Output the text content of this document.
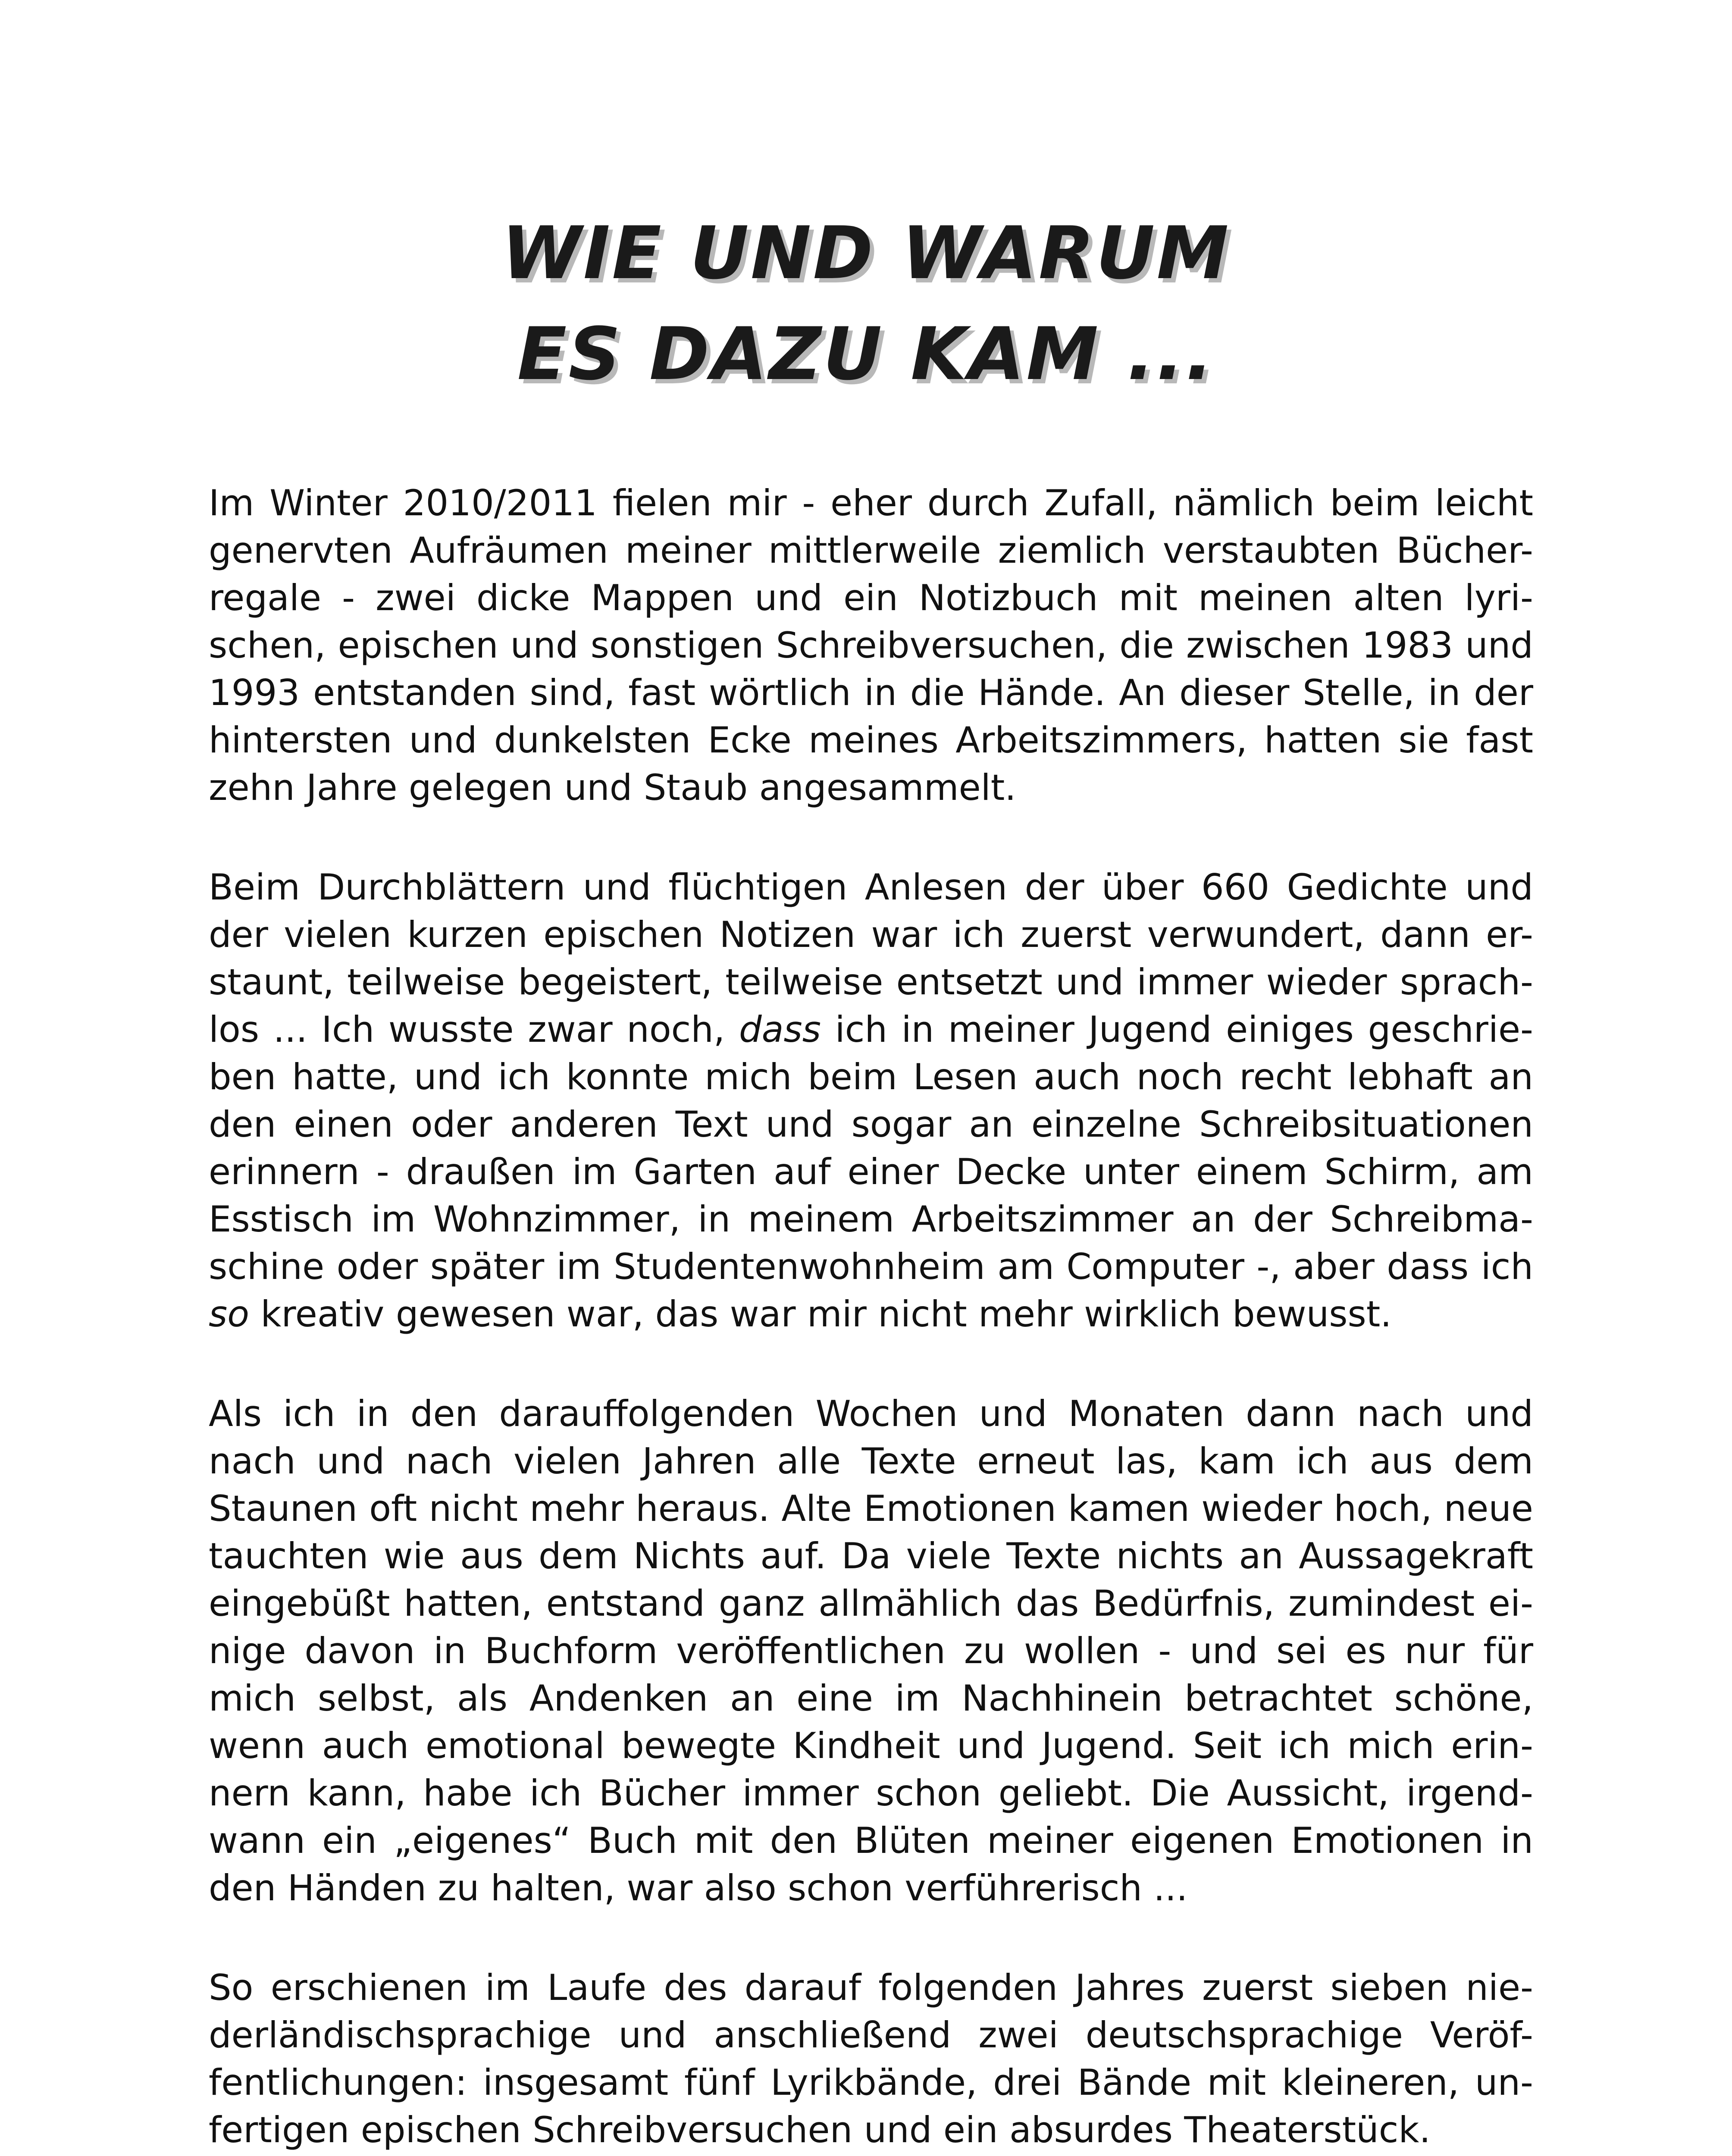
WIE UND WARUM
ES DAZU KAM ...
Im Winter 2010/2011 fielen mir - eher durch Zufall, nämlich beim leicht
genervten Aufräumen meiner mittlerweile ziemlich verstaubten Bücher-
regale - zwei dicke Mappen und ein Notizbuch mit meinen alten lyri-
schen, epischen und sonstigen Schreibversuchen, die zwischen 1983 und
1993 entstanden sind, fast wörtlich in die Hände. An dieser Stelle, in der
hintersten und dunkelsten Ecke meines Arbeitszimmers, hatten sie fast
zehn Jahre gelegen und Staub angesammelt.
Beim Durchblättern und flüchtigen Anlesen der über 660 Gedichte und
der vielen kurzen epischen Notizen war ich zuerst verwundert, dann er-
staunt, teilweise begeistert, teilweise entsetzt und immer wieder sprach-
los ... Ich wusste zwar noch, dass ich in meiner Jugend einiges geschrie-
ben hatte, und ich konnte mich beim Lesen auch noch recht lebhaft an
den einen oder anderen Text und sogar an einzelne Schreibsituationen
erinnern - draußen im Garten auf einer Decke unter einem Schirm, am
Esstisch im Wohnzimmer, in meinem Arbeitszimmer an der Schreibma-
schine oder später im Studentenwohnheim am Computer -, aber dass ich
so kreativ gewesen war, das war mir nicht mehr wirklich bewusst.
Als ich in den darauffolgenden Wochen und Monaten dann nach und
nach und nach vielen Jahren alle Texte erneut las, kam ich aus dem
Staunen oft nicht mehr heraus. Alte Emotionen kamen wieder hoch, neue
tauchten wie aus dem Nichts auf. Da viele Texte nichts an Aussagekraft
eingebüßt hatten, entstand ganz allmählich das Bedürfnis, zumindest ei-
nige davon in Buchform veröffentlichen zu wollen - und sei es nur für
mich selbst, als Andenken an eine im Nachhinein betrachtet schöne,
wenn auch emotional bewegte Kindheit und Jugend. Seit ich mich erin-
nern kann, habe ich Bücher immer schon geliebt. Die Aussicht, irgend-
wann ein „eigenes“ Buch mit den Blüten meiner eigenen Emotionen in
den Händen zu halten, war also schon verführerisch ...
So erschienen im Laufe des darauf folgenden Jahres zuerst sieben nie-
derländischsprachige und anschließend zwei deutschsprachige Veröf-
fentlichungen: insgesamt fünf Lyrikbände, drei Bände mit kleineren, un-
fertigen epischen Schreibversuchen und ein absurdes Theaterstück.
